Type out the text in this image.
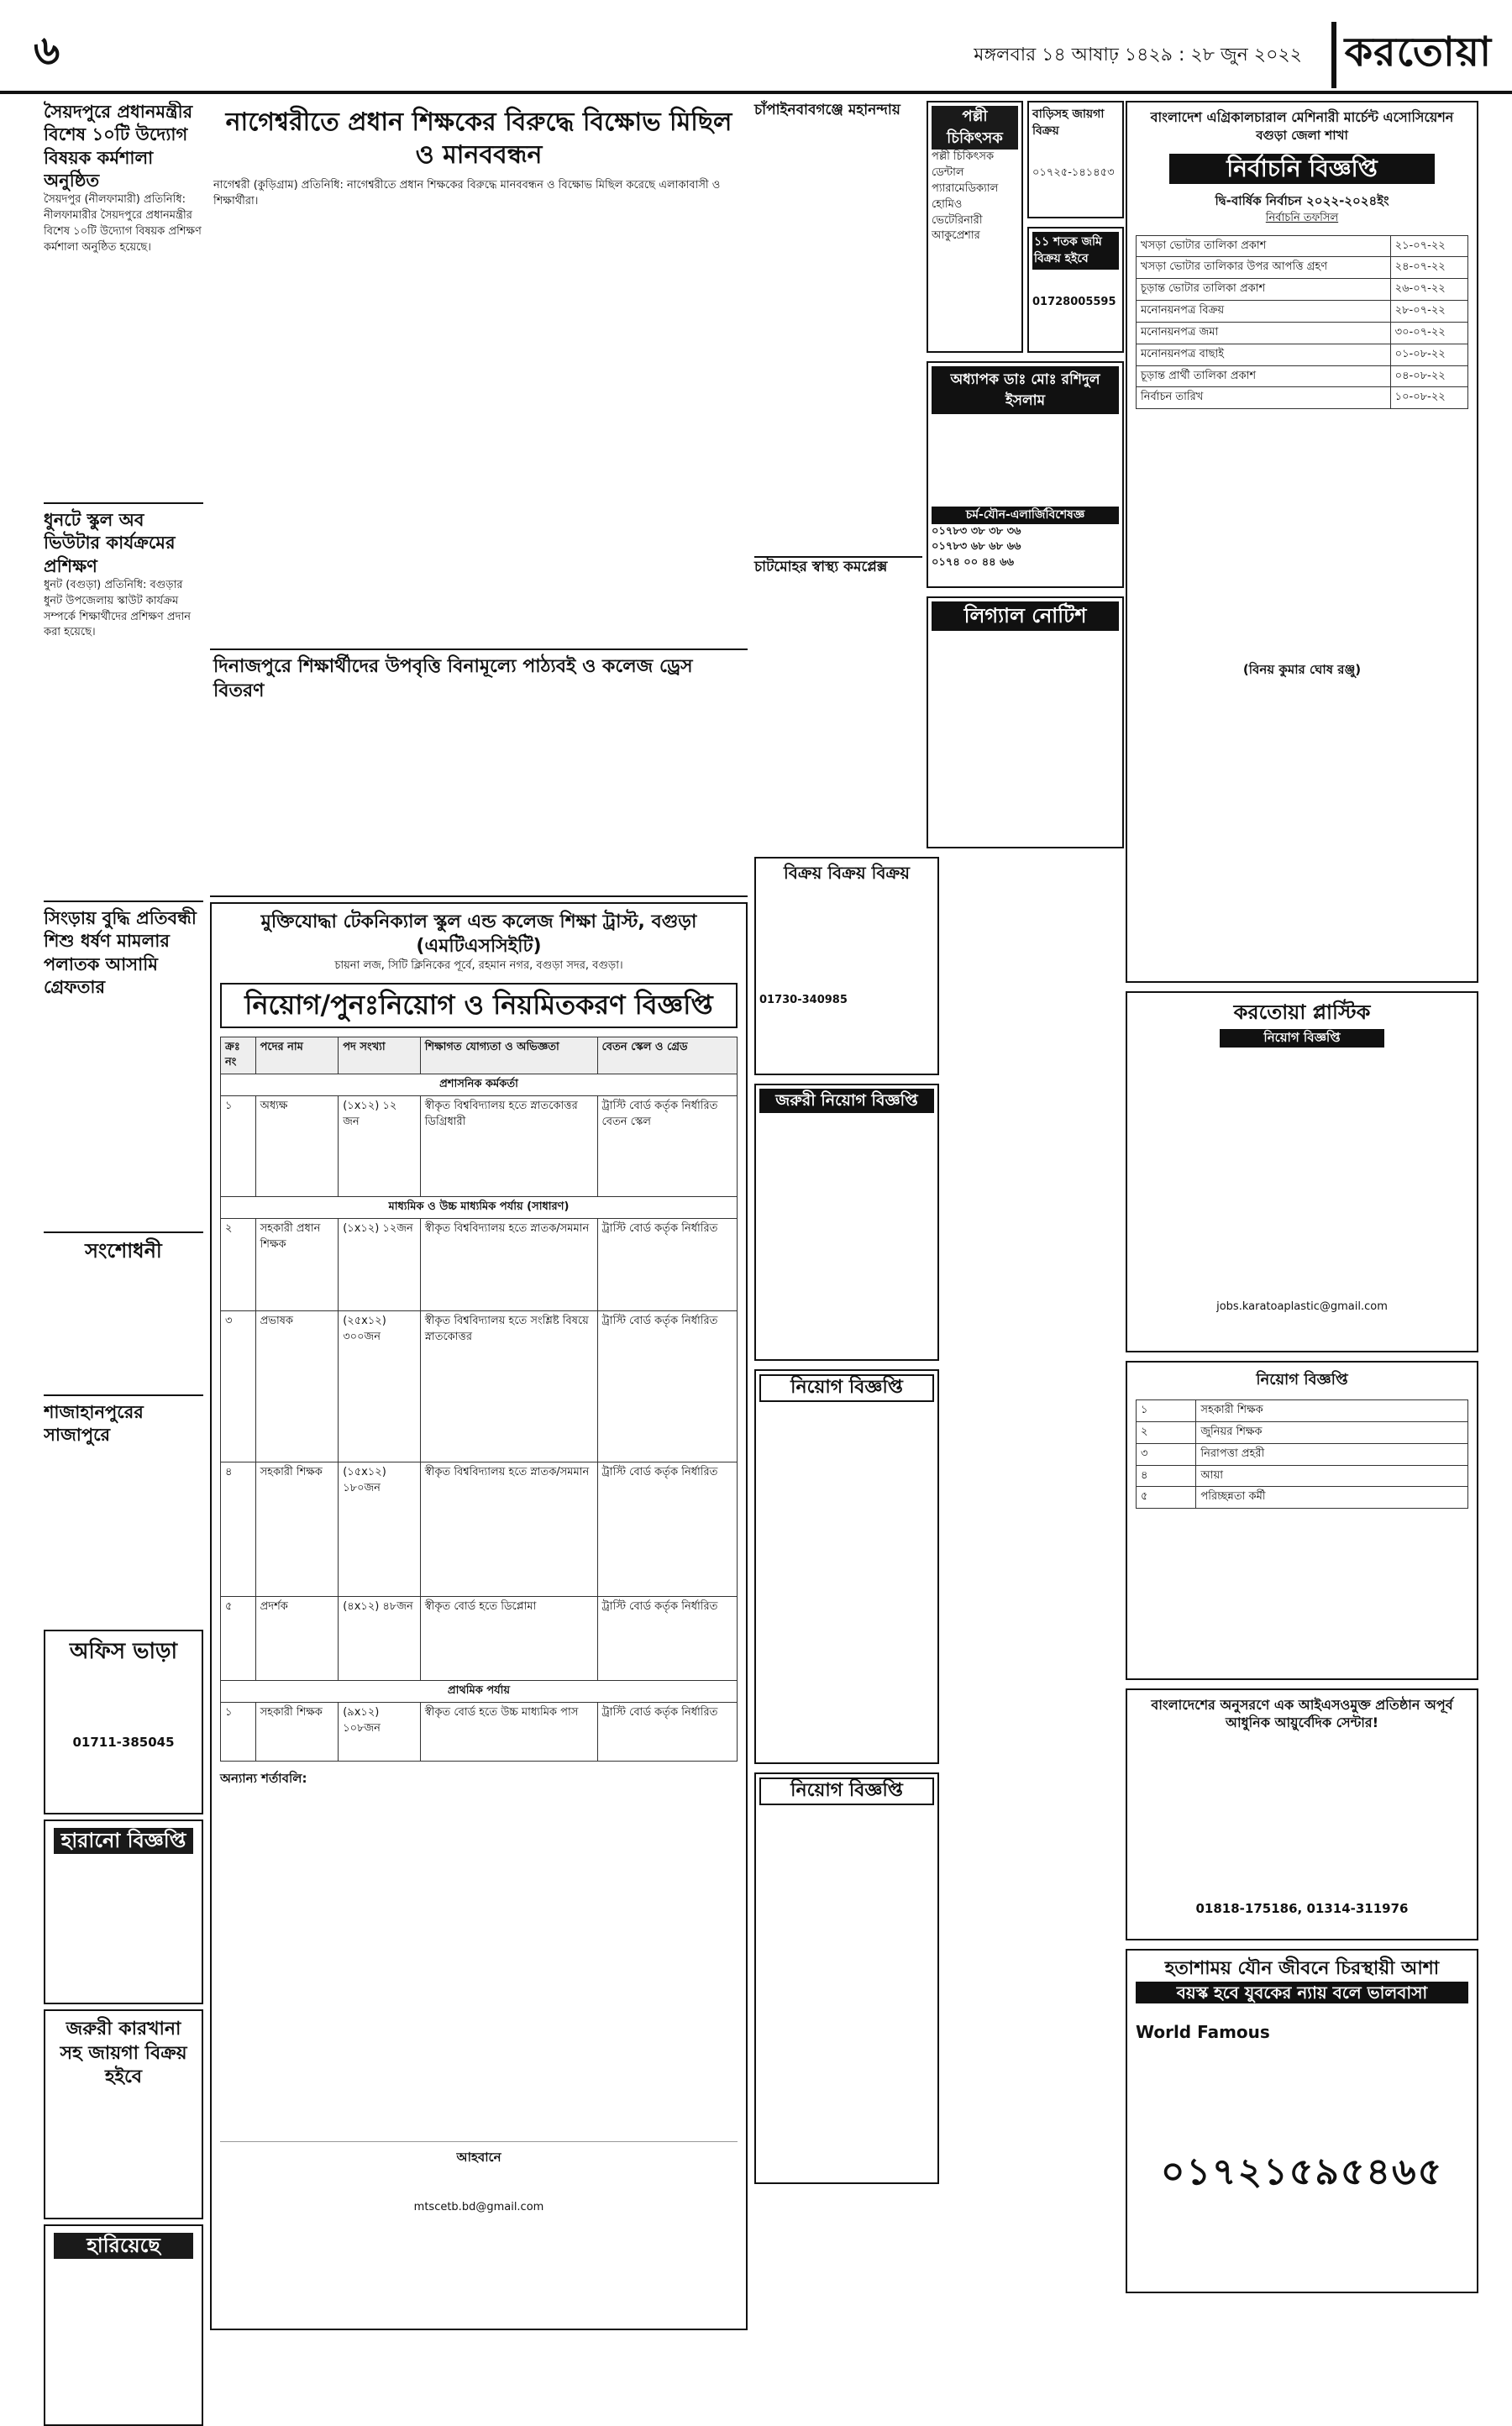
৬	মঙ্গলবার ১৪ আষাঢ় ১৪২৯ : ২৮ জুন ২০২২	করতোয়া
সৈয়দপুরে প্রধানমন্ত্রীর বিশেষ ১০টি উদ্যোগ বিষয়ক কর্মশালা অনুষ্ঠিত
সৈয়দপুর (নীলফামারী) প্রতিনিধি: নীলফামারীর সৈয়দপুরে প্রধানমন্ত্রীর বিশেষ ১০টি উদ্যোগ বিষয়ক প্রশিক্ষণ কর্মশালা অনুষ্ঠিত হয়েছে।
ধুনটে স্কুল অব ভিউটার কার্যক্রমের প্রশিক্ষণ
ধুনট (বগুড়া) প্রতিনিধি: বগুড়ার ধুনট উপজেলায় স্কাউট কার্যক্রম সম্পর্কে শিক্ষার্থীদের প্রশিক্ষণ প্রদান করা হয়েছে।
সিংড়ায় বুদ্ধি প্রতিবন্ধী শিশু ধর্ষণ মামলার পলাতক আসামি গ্রেফতার
সংশোধনী
শাজাহানপুরের সাজাপুরে
অফিস ভাড়া
01711-385045
হারানো বিজ্ঞপ্তি
জরুরী কারখানা সহ জায়গা বিক্রয় হইবে
হারিয়েছে
নাগেশ্বরীতে প্রধান শিক্ষকের বিরুদ্ধে বিক্ষোভ মিছিল ও মানববন্ধন
নাগেশ্বরী (কুড়িগ্রাম) প্রতিনিধি: নাগেশ্বরীতে প্রধান শিক্ষকের বিরুদ্ধে মানববন্ধন ও বিক্ষোভ মিছিল করেছে এলাকাবাসী ও শিক্ষার্থীরা।
দিনাজপুরে শিক্ষার্থীদের উপবৃত্তি বিনামূল্যে পাঠ্যবই ও কলেজ ড্রেস বিতরণ
মুক্তিযোদ্ধা টেকনিক্যাল স্কুল এন্ড কলেজ শিক্ষা ট্রাস্ট, বগুড়া (এমটিএসসিইটি)
চায়না লজ, সিটি ক্লিনিকের পূর্বে, রহমান নগর, বগুড়া সদর, বগুড়া।
নিয়োগ/পুনঃনিয়োগ ও নিয়মিতকরণ বিজ্ঞপ্তি
ক্রঃ নং	পদের নাম	পদ সংখ্যা	শিক্ষাগত যোগ্যতা ও অভিজ্ঞতা	বেতন স্কেল ও গ্রেড
প্রশাসনিক কর্মকর্তা				
১	অধ্যক্ষ	(১x১২) ১২ জন	স্বীকৃত বিশ্ববিদ্যালয় হতে স্নাতকোত্তর ডিগ্রিধারী	ট্রাস্টি বোর্ড কর্তৃক নির্ধারিত বেতন স্কেল
মাধ্যমিক ও উচ্চ মাধ্যমিক পর্যায় (সাধারণ)				
২	সহকারী প্রধান শিক্ষক	(১x১২) ১২জন	স্বীকৃত বিশ্ববিদ্যালয় হতে স্নাতক/সমমান	ট্রাস্টি বোর্ড কর্তৃক নির্ধারিত
৩	প্রভাষক	(২৫x১২) ৩০০জন	স্বীকৃত বিশ্ববিদ্যালয় হতে সংশ্লিষ্ট বিষয়ে স্নাতকোত্তর	ট্রাস্টি বোর্ড কর্তৃক নির্ধারিত
৪	সহকারী শিক্ষক	(১৫x১২) ১৮০জন	স্বীকৃত বিশ্ববিদ্যালয় হতে স্নাতক/সমমান	ট্রাস্টি বোর্ড কর্তৃক নির্ধারিত
৫	প্রদর্শক	(৪x১২) ৪৮জন	স্বীকৃত বোর্ড হতে ডিপ্লোমা	ট্রাস্টি বোর্ড কর্তৃক নির্ধারিত
প্রাথমিক পর্যায়				
১	সহকারী শিক্ষক	(৯x১২) ১০৮জন	স্বীকৃত বোর্ড হতে উচ্চ মাধ্যমিক পাস	ট্রাস্টি বোর্ড কর্তৃক নির্ধারিত
অন্যান্য শর্তাবলি:
আহবানে
mtscetb.bd@gmail.com
চাঁপাইনবাবগঞ্জে মহানন্দায়
চাটমোহর স্বাস্থ্য কমপ্লেক্স
পল্লী চিকিৎসক
পল্লী চিকিৎসক
ডেন্টাল
প্যারামেডিক্যাল
হোমিও
ভেটেরিনারী
আকুপ্রেশার
বাড়িসহ জায়গা বিক্রয়
০১৭২৫-১৪১৪৫৩
১১ শতক জমি বিক্রয় হইবে
01728005595
অধ্যাপক ডাঃ মোঃ রশিদুল ইসলাম
চর্ম-যৌন-এলার্জিবিশেষজ্ঞ
০১৭৮৩ ৩৮ ৩৮ ৩৬
০১৭৮৩ ৬৮ ৬৮ ৬৬
০১৭৪ ০০ ৪৪ ৬৬
লিগ্যাল নোটিশ
বিক্রয় বিক্রয় বিক্রয়
01730-340985
জরুরী নিয়োগ বিজ্ঞপ্তি
নিয়োগ বিজ্ঞপ্তি
নিয়োগ বিজ্ঞপ্তি
বাংলাদেশ এগ্রিকালচারাল মেশিনারী মার্চেন্ট এসোসিয়েশন
বগুড়া জেলা শাখা
নির্বাচনি বিজ্ঞপ্তি
দ্বি-বার্ষিক নির্বাচন ২০২২-২০২৪ইং
নির্বাচনি তফসিল
খসড়া ভোটার তালিকা প্রকাশ	২১-০৭-২২
খসড়া ভোটার তালিকার উপর আপত্তি গ্রহণ	২৪-০৭-২২
চূড়ান্ত ভোটার তালিকা প্রকাশ	২৬-০৭-২২
মনোনয়নপত্র বিক্রয়	২৮-০৭-২২
মনোনয়নপত্র জমা	৩০-০৭-২২
মনোনয়নপত্র বাছাই	০১-০৮-২২
চূড়ান্ত প্রার্থী তালিকা প্রকাশ	০৪-০৮-২২
নির্বাচন তারিখ	১০-০৮-২২
(বিনয় কুমার ঘোষ রঞ্জু)
করতোয়া প্লাস্টিক
নিয়োগ বিজ্ঞপ্তি
jobs.karatoaplastic@gmail.com
নিয়োগ বিজ্ঞপ্তি
১	সহকারী শিক্ষক
২	জুনিয়র শিক্ষক
৩	নিরাপত্তা প্রহরী
৪	আয়া
৫	পরিচ্ছন্নতা কর্মী
বাংলাদেশের অনুসরণে এক আইএসওমুক্ত প্রতিষ্ঠান অপূর্ব আধুনিক আয়ুর্বেদিক সেন্টার!
01818-175186, 01314-311976
হতাশাময় যৌন জীবনে চিরস্থায়ী আশা
বয়স্ক হবে যুবকের ন্যায় বলে ভালবাসা
World Famous
০১৭২১৫৯৫৪৬৫
